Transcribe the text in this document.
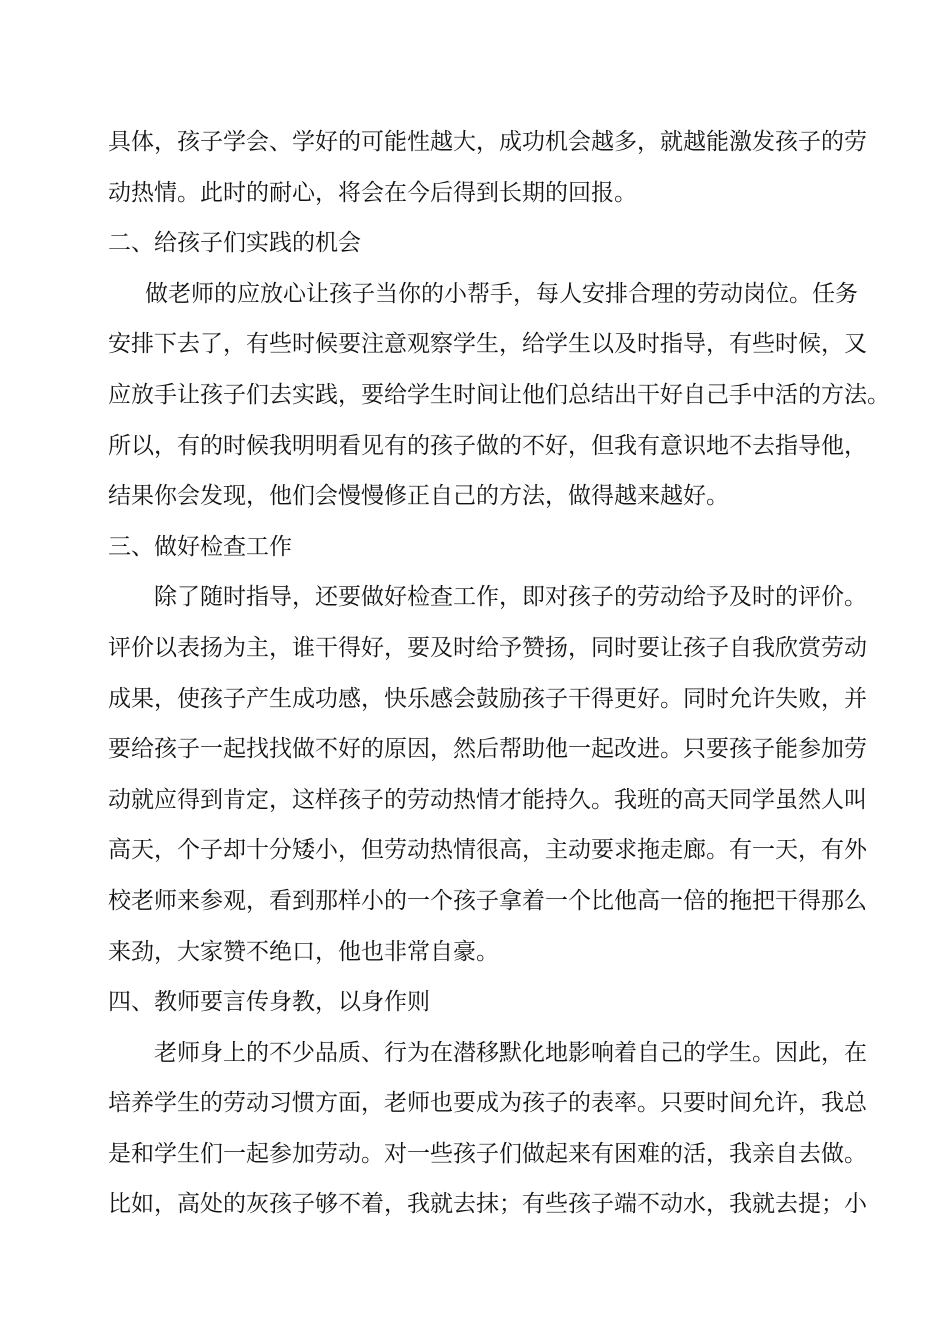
具体，孩子学会、学好的可能性越大，成功机会越多，就越能激发孩子的劳
动热情。此时的耐心，将会在今后得到长期的回报。
二、给孩子们实践的机会
做老师的应放心让孩子当你的小帮手，每人安排合理的劳动岗位。任务
安排下去了，有些时候要注意观察学生，给学生以及时指导，有些时候，又
应放手让孩子们去实践，要给学生时间让他们总结出干好自己手中活的方法。
所以，有的时候我明明看见有的孩子做的不好，但我有意识地不去指导他，
结果你会发现，他们会慢慢修正自己的方法，做得越来越好。
三、做好检查工作
除了随时指导，还要做好检查工作，即对孩子的劳动给予及时的评价。
评价以表扬为主，谁干得好，要及时给予赞扬，同时要让孩子自我欣赏劳动
成果，使孩子产生成功感，快乐感会鼓励孩子干得更好。同时允许失败，并
要给孩子一起找找做不好的原因，然后帮助他一起改进。只要孩子能参加劳
动就应得到肯定，这样孩子的劳动热情才能持久。我班的高天同学虽然人叫
高天，个子却十分矮小，但劳动热情很高，主动要求拖走廊。有一天，有外
校老师来参观，看到那样小的一个孩子拿着一个比他高一倍的拖把干得那么
来劲，大家赞不绝口，他也非常自豪。
四、教师要言传身教，以身作则
老师身上的不少品质、行为在潜移默化地影响着自己的学生。因此，在
培养学生的劳动习惯方面，老师也要成为孩子的表率。只要时间允许，我总
是和学生们一起参加劳动。对一些孩子们做起来有困难的活，我亲自去做。
比如，高处的灰孩子够不着，我就去抹；有些孩子端不动水，我就去提；小
